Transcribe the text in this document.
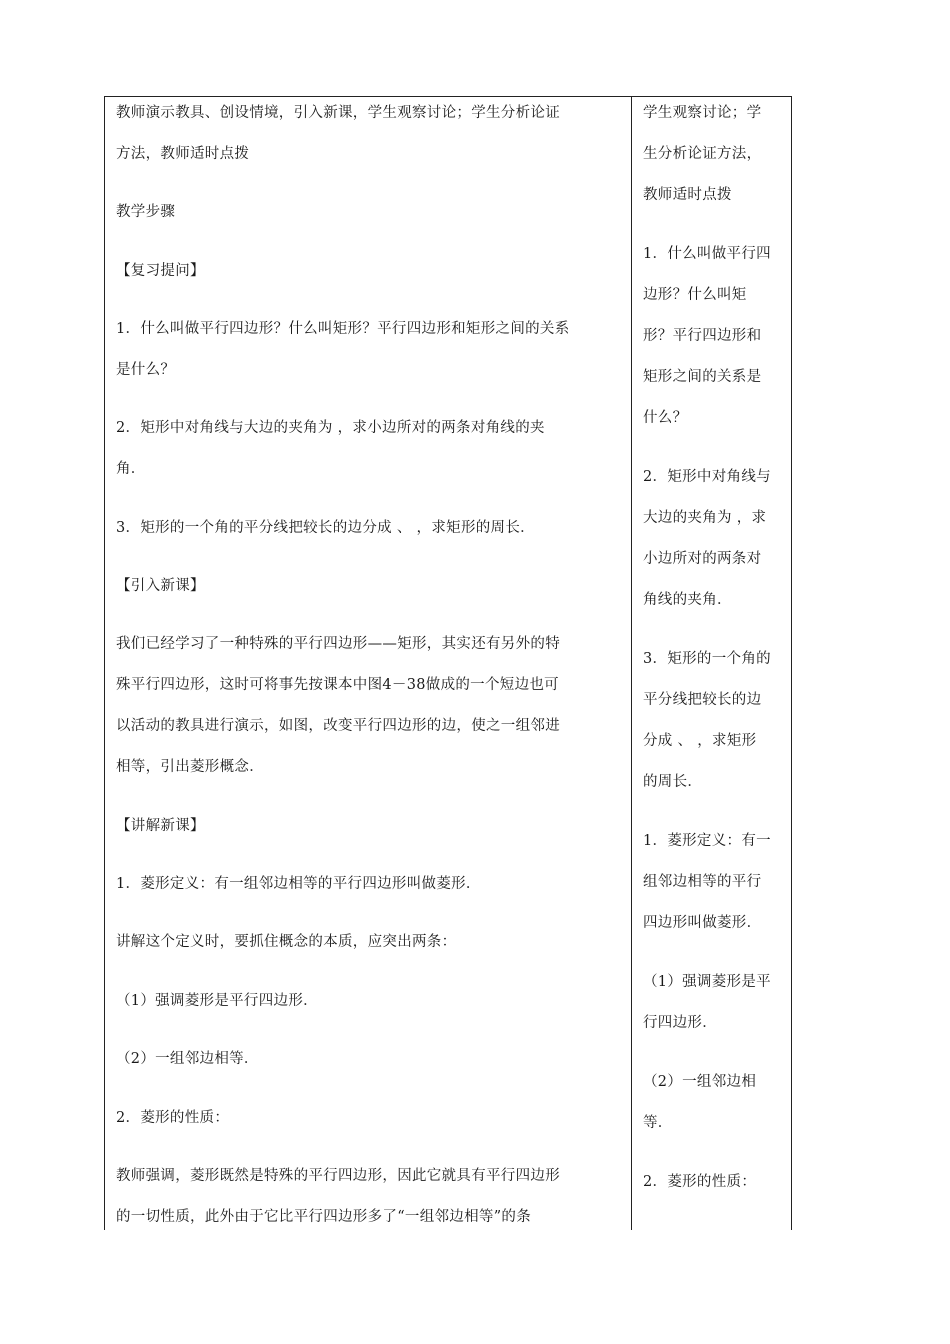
教师演示教具、创设情境，引入新课，学生观察讨论；学生分析论证
方法，教师适时点拨
教学步骤
【复习提问】
1．什么叫做平行四边形？什么叫矩形？平行四边形和矩形之间的关系
是什么？
2．矩形中对角线与大边的夹角为 ，求小边所对的两条对角线的夹
角．
3．矩形的一个角的平分线把较长的边分成 、 ，求矩形的周长．
【引入新课】
我们已经学习了一种特殊的平行四边形——矩形，其实还有另外的特
殊平行四边形，这时可将事先按课本中图4－38做成的一个短边也可
以活动的教具进行演示，如图，改变平行四边形的边，使之一组邻进
相等，引出菱形概念．
【讲解新课】
1．菱形定义：有一组邻边相等的平行四边形叫做菱形．
讲解这个定义时，要抓住概念的本质，应突出两条：
（1）强调菱形是平行四边形．
（2）一组邻边相等．
2．菱形的性质：
教师强调，菱形既然是特殊的平行四边形，因此它就具有平行四边形
的一切性质，此外由于它比平行四边形多了“一组邻边相等”的条
学生观察讨论；学
生分析论证方法，
教师适时点拨
1．什么叫做平行四
边形？什么叫矩
形？平行四边形和
矩形之间的关系是
什么？
2．矩形中对角线与
大边的夹角为 ，求
小边所对的两条对
角线的夹角．
3．矩形的一个角的
平分线把较长的边
分成 、 ，求矩形
的周长．
1．菱形定义：有一
组邻边相等的平行
四边形叫做菱形．
（1）强调菱形是平
行四边形．
（2）一组邻边相
等．
2．菱形的性质：
